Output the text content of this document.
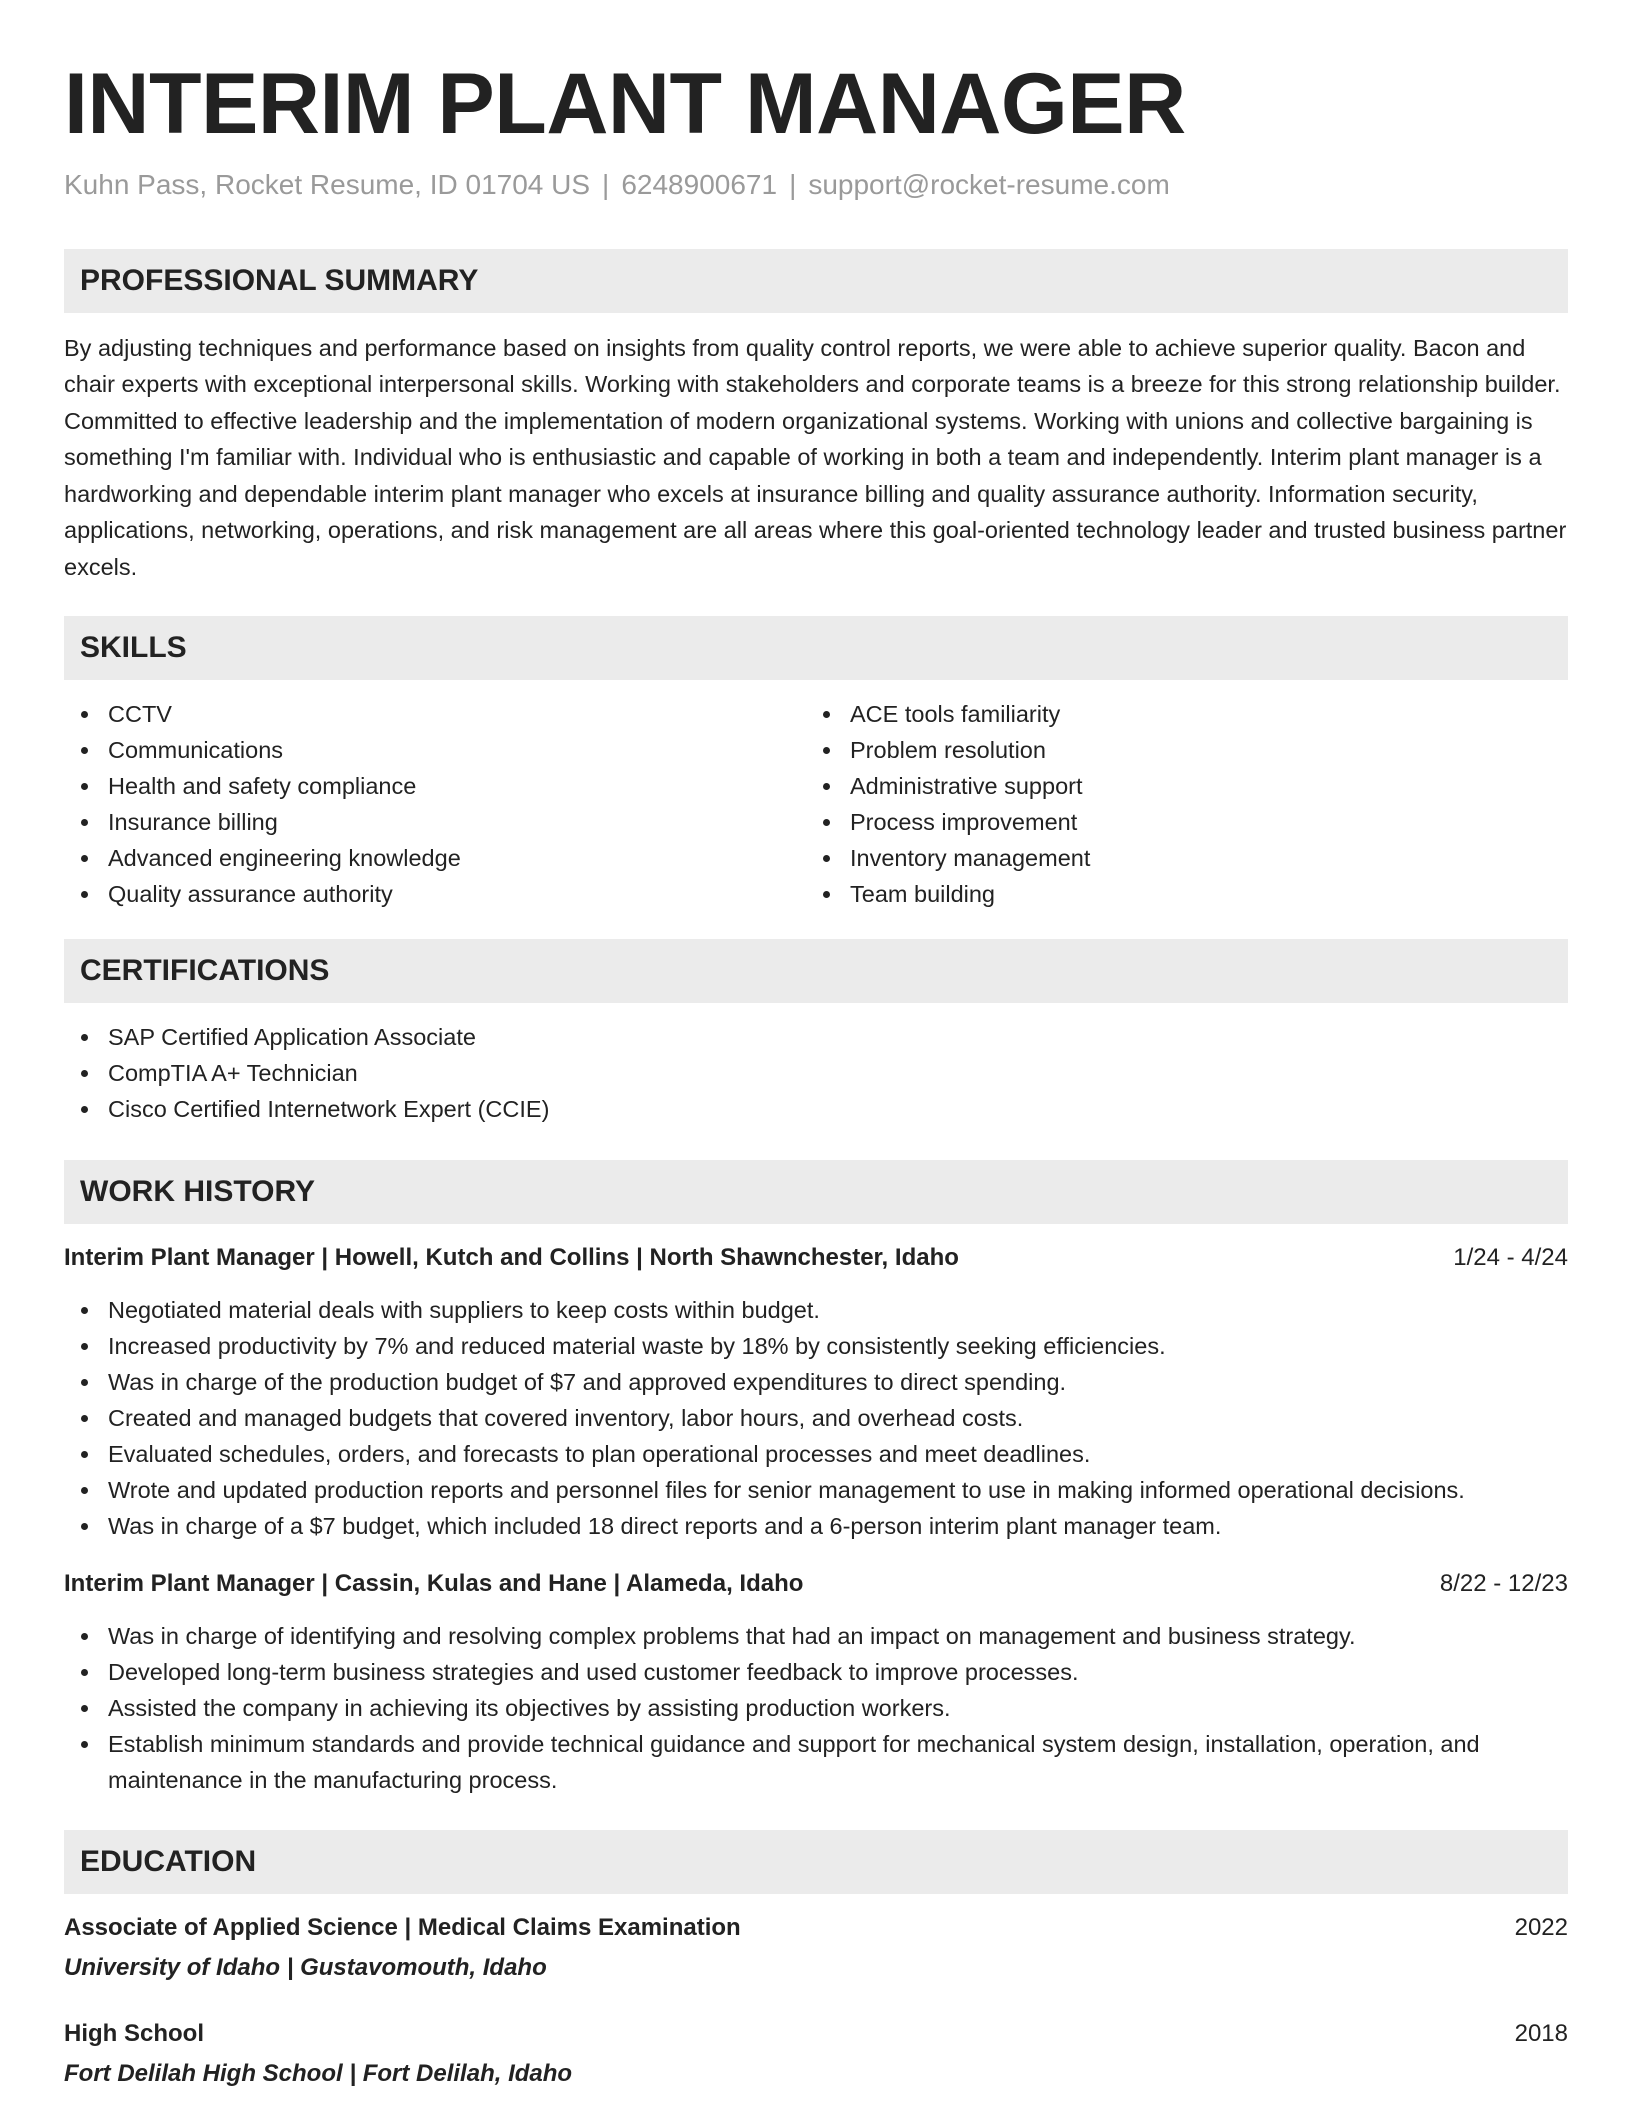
INTERIM PLANT MANAGER
Kuhn Pass, Rocket Resume, ID 01704 US | 6248900671 | support@rocket-resume.com
PROFESSIONAL SUMMARY

By adjusting techniques and performance based on insights from quality control reports, we were able to achieve superior quality. Bacon and chair experts with exceptional interpersonal skills. Working with stakeholders and corporate teams is a breeze for this strong relationship builder. Committed to effective leadership and the implementation of modern organizational systems. Working with unions and collective bargaining is something I'm familiar with. Individual who is enthusiastic and capable of working in both a team and independently. Interim plant manager is a hardworking and dependable interim plant manager who excels at insurance billing and quality assurance authority. Information security, applications, networking, operations, and risk management are all areas where this goal-oriented technology leader and trusted business partner excels.

SKILLS
CCTV
Communications
Health and safety compliance
Insurance billing
Advanced engineering knowledge
Quality assurance authority
ACE tools familiarity
Problem resolution
Administrative support
Process improvement
Inventory management
Team building
CERTIFICATIONS
SAP Certified Application Associate
CompTIA A+ Technician
Cisco Certified Internetwork Expert (CCIE)
WORK HISTORY
Interim Plant Manager | Howell, Kutch and Collins | North Shawnchester, Idaho	1/24 - 4/24
Negotiated material deals with suppliers to keep costs within budget.
Increased productivity by 7% and reduced material waste by 18% by consistently seeking efficiencies.
Was in charge of the production budget of $7 and approved expenditures to direct spending.
Created and managed budgets that covered inventory, labor hours, and overhead costs.
Evaluated schedules, orders, and forecasts to plan operational processes and meet deadlines.
Wrote and updated production reports and personnel files for senior management to use in making informed operational decisions.
Was in charge of a $7 budget, which included 18 direct reports and a 6-person interim plant manager team.
Interim Plant Manager | Cassin, Kulas and Hane | Alameda, Idaho	8/22 - 12/23
Was in charge of identifying and resolving complex problems that had an impact on management and business strategy.
Developed long-term business strategies and used customer feedback to improve processes.
Assisted the company in achieving its objectives by assisting production workers.
Establish minimum standards and provide technical guidance and support for mechanical system design, installation, operation, and maintenance in the manufacturing process.
EDUCATION
Associate of Applied Science | Medical Claims Examination	2022
University of Idaho | Gustavomouth, Idaho
High School	2018
Fort Delilah High School | Fort Delilah, Idaho
